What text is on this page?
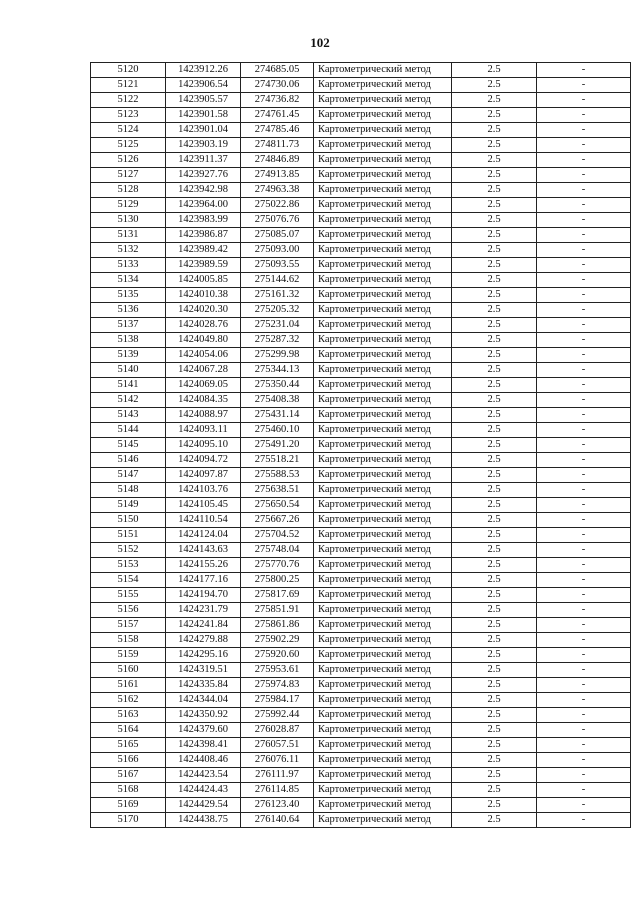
102
5120	1423912.26	274685.05	Картометрический метод	2.5	-
5121	1423906.54	274730.06	Картометрический метод	2.5	-
5122	1423905.57	274736.82	Картометрический метод	2.5	-
5123	1423901.58	274761.45	Картометрический метод	2.5	-
5124	1423901.04	274785.46	Картометрический метод	2.5	-
5125	1423903.19	274811.73	Картометрический метод	2.5	-
5126	1423911.37	274846.89	Картометрический метод	2.5	-
5127	1423927.76	274913.85	Картометрический метод	2.5	-
5128	1423942.98	274963.38	Картометрический метод	2.5	-
5129	1423964.00	275022.86	Картометрический метод	2.5	-
5130	1423983.99	275076.76	Картометрический метод	2.5	-
5131	1423986.87	275085.07	Картометрический метод	2.5	-
5132	1423989.42	275093.00	Картометрический метод	2.5	-
5133	1423989.59	275093.55	Картометрический метод	2.5	-
5134	1424005.85	275144.62	Картометрический метод	2.5	-
5135	1424010.38	275161.32	Картометрический метод	2.5	-
5136	1424020.30	275205.32	Картометрический метод	2.5	-
5137	1424028.76	275231.04	Картометрический метод	2.5	-
5138	1424049.80	275287.32	Картометрический метод	2.5	-
5139	1424054.06	275299.98	Картометрический метод	2.5	-
5140	1424067.28	275344.13	Картометрический метод	2.5	-
5141	1424069.05	275350.44	Картометрический метод	2.5	-
5142	1424084.35	275408.38	Картометрический метод	2.5	-
5143	1424088.97	275431.14	Картометрический метод	2.5	-
5144	1424093.11	275460.10	Картометрический метод	2.5	-
5145	1424095.10	275491.20	Картометрический метод	2.5	-
5146	1424094.72	275518.21	Картометрический метод	2.5	-
5147	1424097.87	275588.53	Картометрический метод	2.5	-
5148	1424103.76	275638.51	Картометрический метод	2.5	-
5149	1424105.45	275650.54	Картометрический метод	2.5	-
5150	1424110.54	275667.26	Картометрический метод	2.5	-
5151	1424124.04	275704.52	Картометрический метод	2.5	-
5152	1424143.63	275748.04	Картометрический метод	2.5	-
5153	1424155.26	275770.76	Картометрический метод	2.5	-
5154	1424177.16	275800.25	Картометрический метод	2.5	-
5155	1424194.70	275817.69	Картометрический метод	2.5	-
5156	1424231.79	275851.91	Картометрический метод	2.5	-
5157	1424241.84	275861.86	Картометрический метод	2.5	-
5158	1424279.88	275902.29	Картометрический метод	2.5	-
5159	1424295.16	275920.60	Картометрический метод	2.5	-
5160	1424319.51	275953.61	Картометрический метод	2.5	-
5161	1424335.84	275974.83	Картометрический метод	2.5	-
5162	1424344.04	275984.17	Картометрический метод	2.5	-
5163	1424350.92	275992.44	Картометрический метод	2.5	-
5164	1424379.60	276028.87	Картометрический метод	2.5	-
5165	1424398.41	276057.51	Картометрический метод	2.5	-
5166	1424408.46	276076.11	Картометрический метод	2.5	-
5167	1424423.54	276111.97	Картометрический метод	2.5	-
5168	1424424.43	276114.85	Картометрический метод	2.5	-
5169	1424429.54	276123.40	Картометрический метод	2.5	-
5170	1424438.75	276140.64	Картометрический метод	2.5	-
